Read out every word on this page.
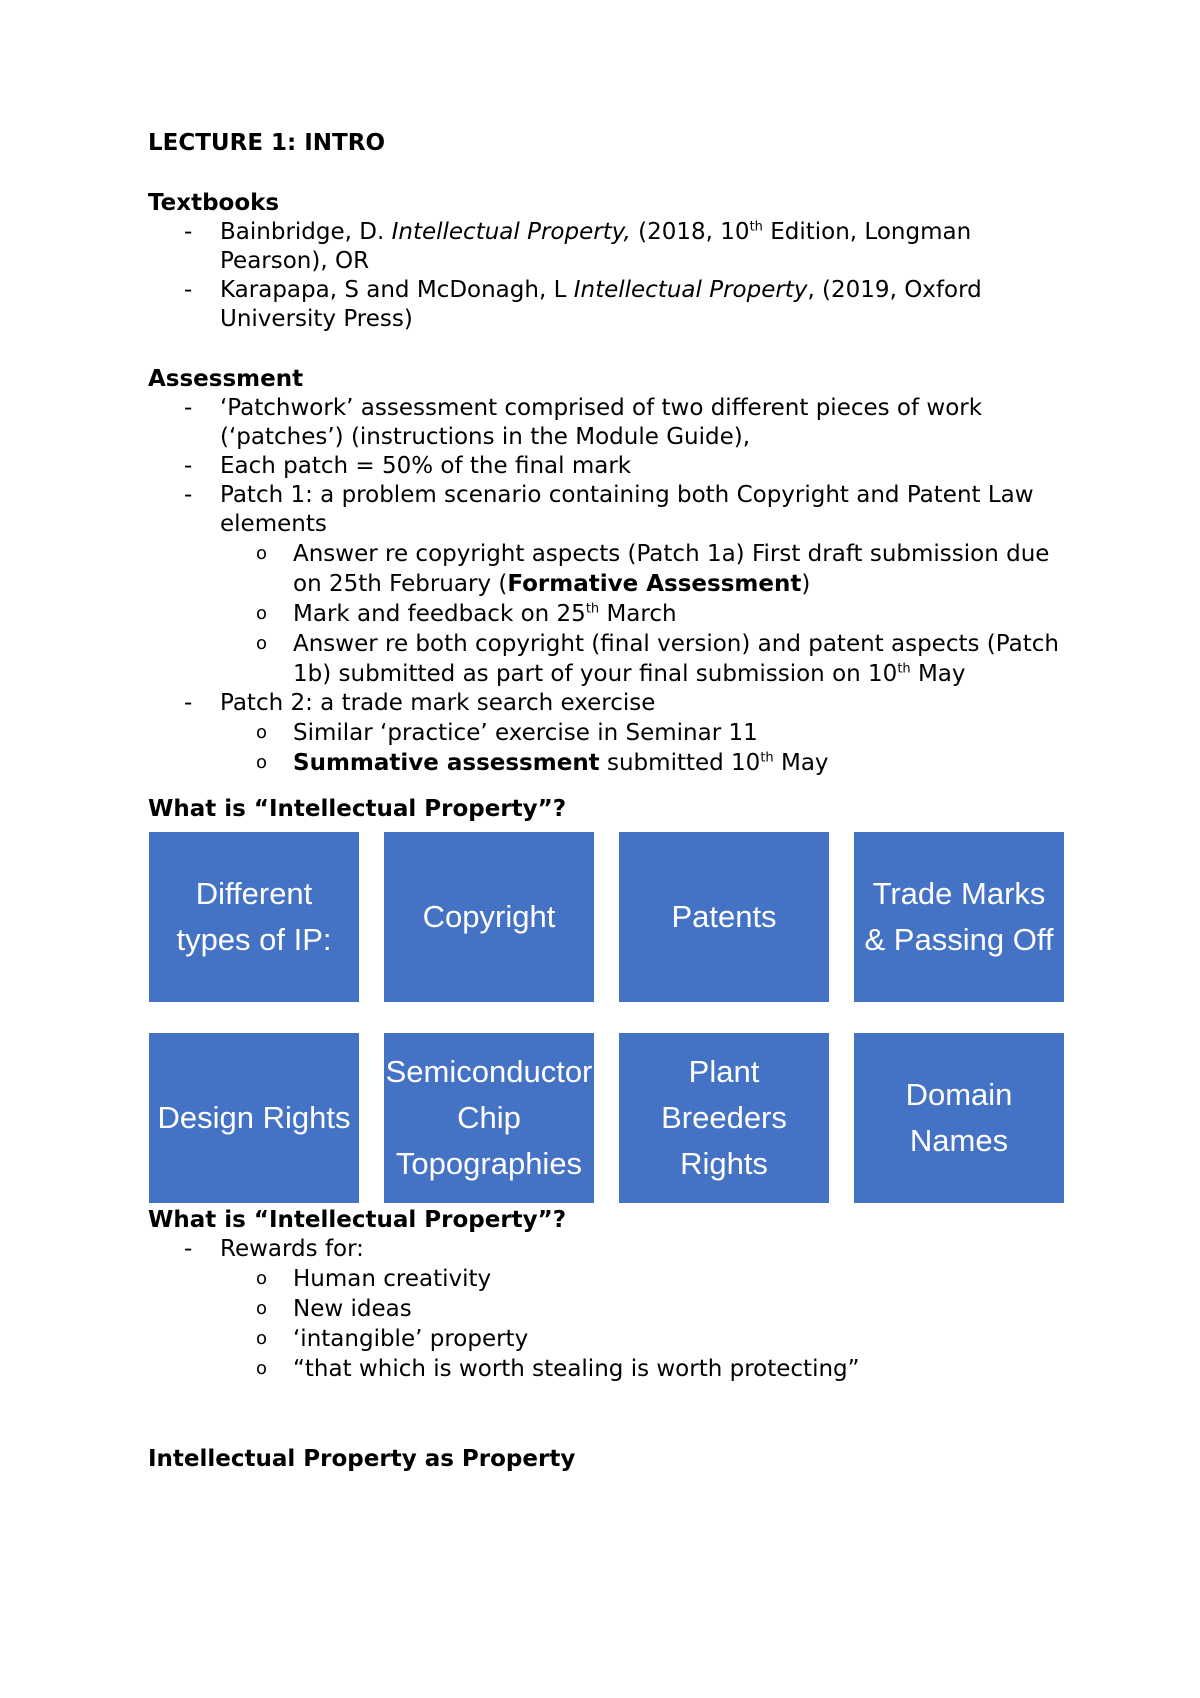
LECTURE 1: INTRO

Textbooks

- Bainbridge, D. Intellectual Property, (2018, 10th Edition, Longman Pearson), OR
- Karapapa, S and McDonagh, L Intellectual Property, (2019, Oxford University Press)

Assessment

- ‘Patchwork’ assessment comprised of two different pieces of work (‘patches’) (instructions in the Module Guide),
- Each patch = 50% of the final mark
- Patch 1: a problem scenario containing both Copyright and Patent Law elements
o Answer re copyright aspects (Patch 1a) First draft submission due on 25th February (Formative Assessment)
o Mark and feedback on 25th March
o Answer re both copyright (final version) and patent aspects (Patch 1b) submitted as part of your final submission on 10th May
- Patch 2: a trade mark search exercise
o Similar ‘practice’ exercise in Seminar 11
o Summative assessment submitted 10th May

What is “Intellectual Property”?

Different types of IP:
Copyright	Patents
Trade Marks & Passing Off
Design Rights
Semiconductor Chip Topographies
Plant Breeders Rights
Domain Names

What is “Intellectual Property”?

- Rewards for:
o Human creativity
o New ideas
o ‘intangible’ property
o “that which is worth stealing is worth protecting”

Intellectual Property as Property
